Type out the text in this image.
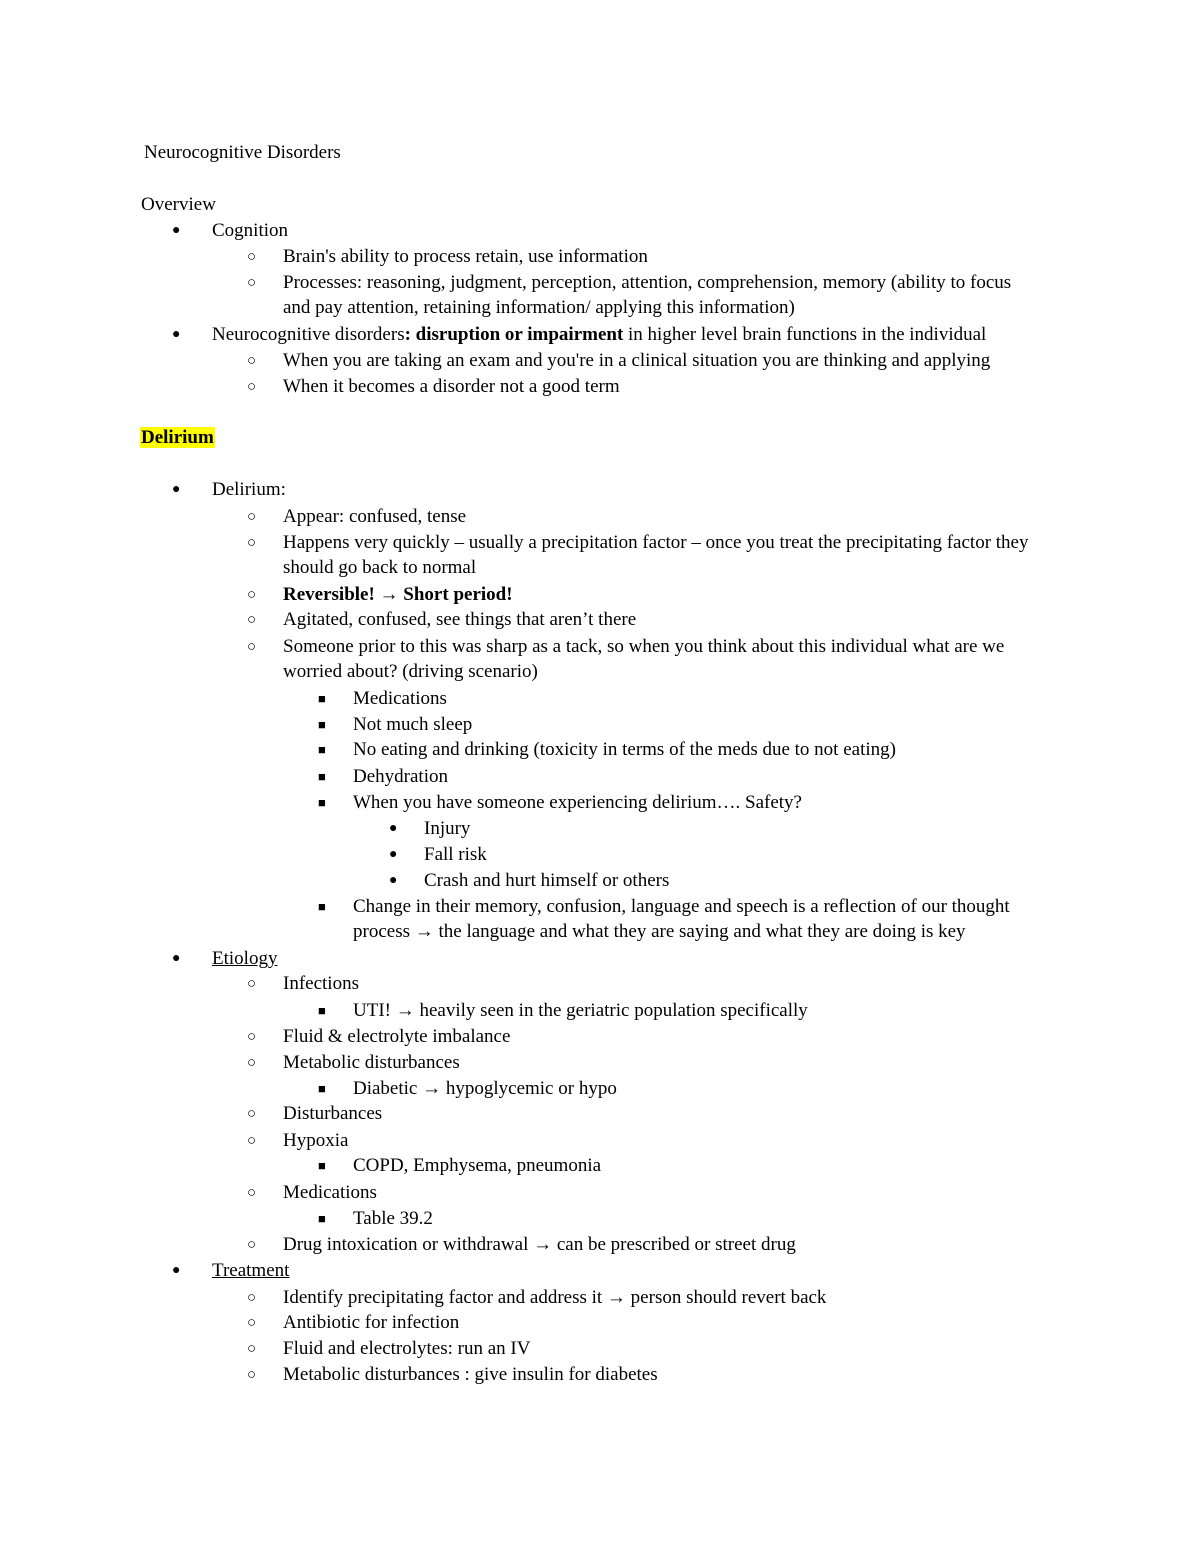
Neurocognitive Disorders
Overview
● Cognition
○ Brain's ability to process retain, use information
○ Processes: reasoning, judgment, perception, attention, comprehension, memory (ability to focus
and pay attention, retaining information/ applying this information)
● Neurocognitive disorders: disruption or impairment in higher level brain functions in the individual
○ When you are taking an exam and you're in a clinical situation you are thinking and applying
○ When it becomes a disorder not a good term
Delirium
● Delirium:
○ Appear: confused, tense
○ Happens very quickly – usually a precipitation factor – once you treat the precipitating factor they
should go back to normal
○ Reversible! → Short period!
○ Agitated, confused, see things that aren’t there
○ Someone prior to this was sharp as a tack, so when you think about this individual what are we
worried about? (driving scenario)
■ Medications
■ Not much sleep
■ No eating and drinking (toxicity in terms of the meds due to not eating)
■ Dehydration
■ When you have someone experiencing delirium…. Safety?
● Injury
● Fall risk
● Crash and hurt himself or others
■ Change in their memory, confusion, language and speech is a reflection of our thought
process → the language and what they are saying and what they are doing is key
● Etiology
○ Infections
■ UTI! → heavily seen in the geriatric population specifically
○ Fluid & electrolyte imbalance
○ Metabolic disturbances
■ Diabetic → hypoglycemic or hypo
○ Disturbances
○ Hypoxia
■ COPD, Emphysema, pneumonia
○ Medications
■ Table 39.2
○ Drug intoxication or withdrawal → can be prescribed or street drug
● Treatment
○ Identify precipitating factor and address it → person should revert back
○ Antibiotic for infection
○ Fluid and electrolytes: run an IV
○ Metabolic disturbances : give insulin for diabetes
